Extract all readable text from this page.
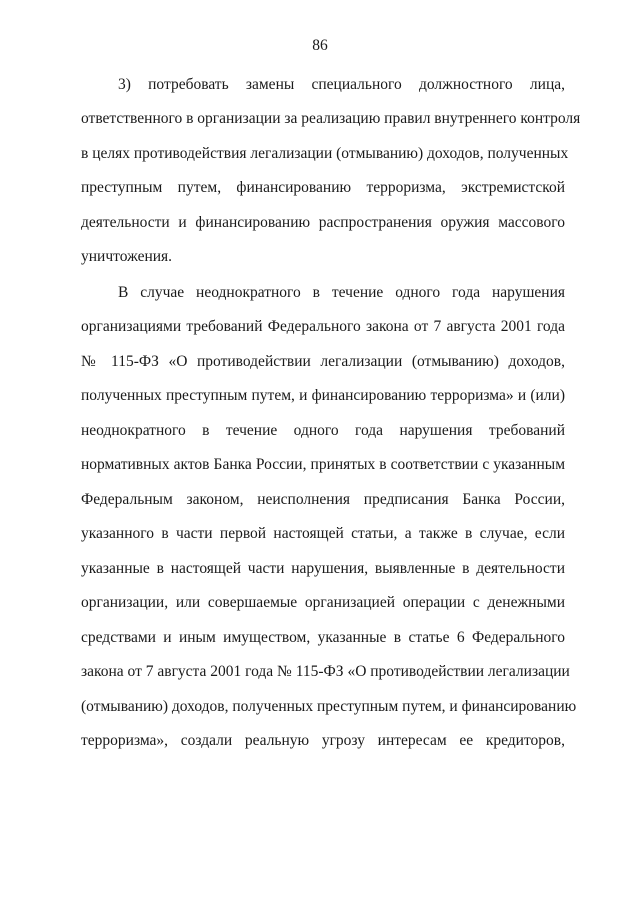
86
3) потребовать замены специального должностного лица,
ответственного в организации за реализацию правил внутреннего контроля
в целях противодействия легализации (отмыванию) доходов, полученных
преступным путем, финансированию терроризма, экстремистской
деятельности и финансированию распространения оружия массового
уничтожения.
В случае неоднократного в течение одного года нарушения
организациями требований Федерального закона от 7 августа 2001 года
№ 115-ФЗ «О противодействии легализации (отмыванию) доходов,
полученных преступным путем, и финансированию терроризма» и (или)
неоднократного в течение одного года нарушения требований
нормативных актов Банка России, принятых в соответствии с указанным
Федеральным законом, неисполнения предписания Банка России,
указанного в части первой настоящей статьи, а также в случае, если
указанные в настоящей части нарушения, выявленные в деятельности
организации, или совершаемые организацией операции с денежными
средствами и иным имуществом, указанные в статье 6 Федерального
закона от 7 августа 2001 года № 115-ФЗ «О противодействии легализации
(отмыванию) доходов, полученных преступным путем, и финансированию
терроризма», создали реальную угрозу интересам ее кредиторов,
